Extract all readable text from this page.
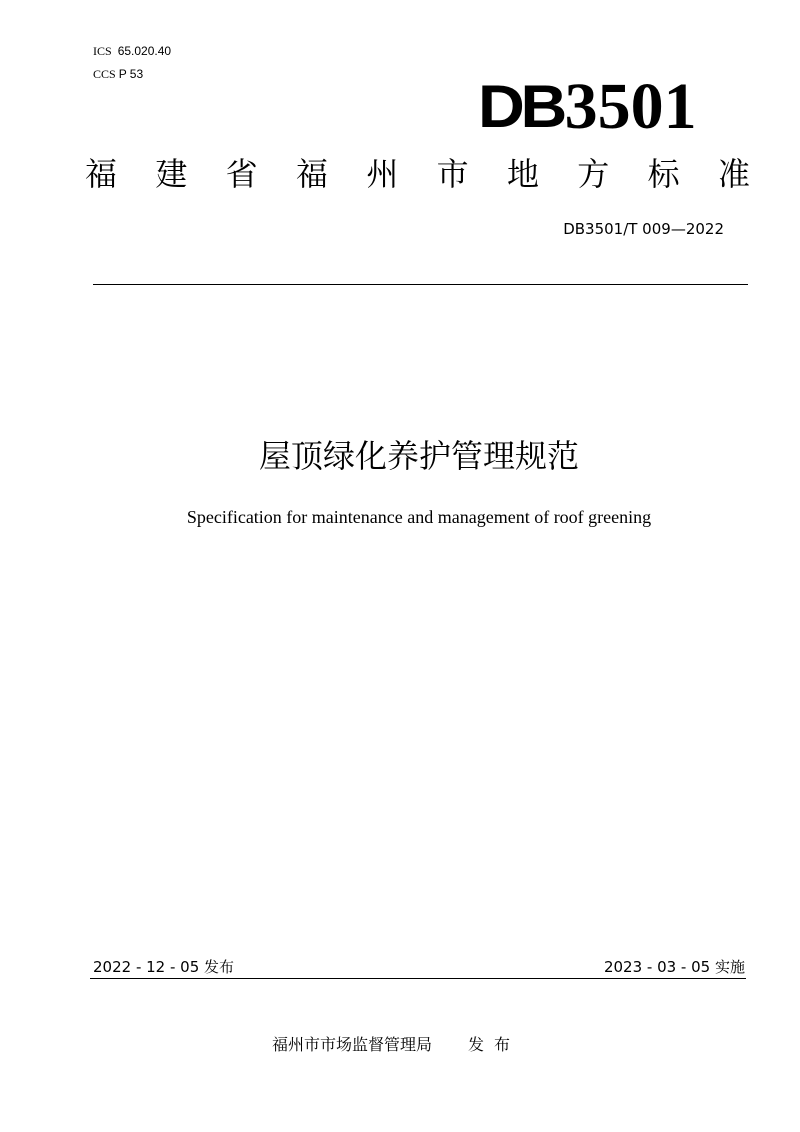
ICS 65.020.40
CCS P 53	DB 3501
福 建 省 福 州 市 地 方 标 准
DB3501/T 009—2022
屋顶绿化养护管理规范
Specification for maintenance and management of roof greening
2022 - 12 - 05 发布	2023 - 03 - 05 实施
福州市市场监督管理局 发布
